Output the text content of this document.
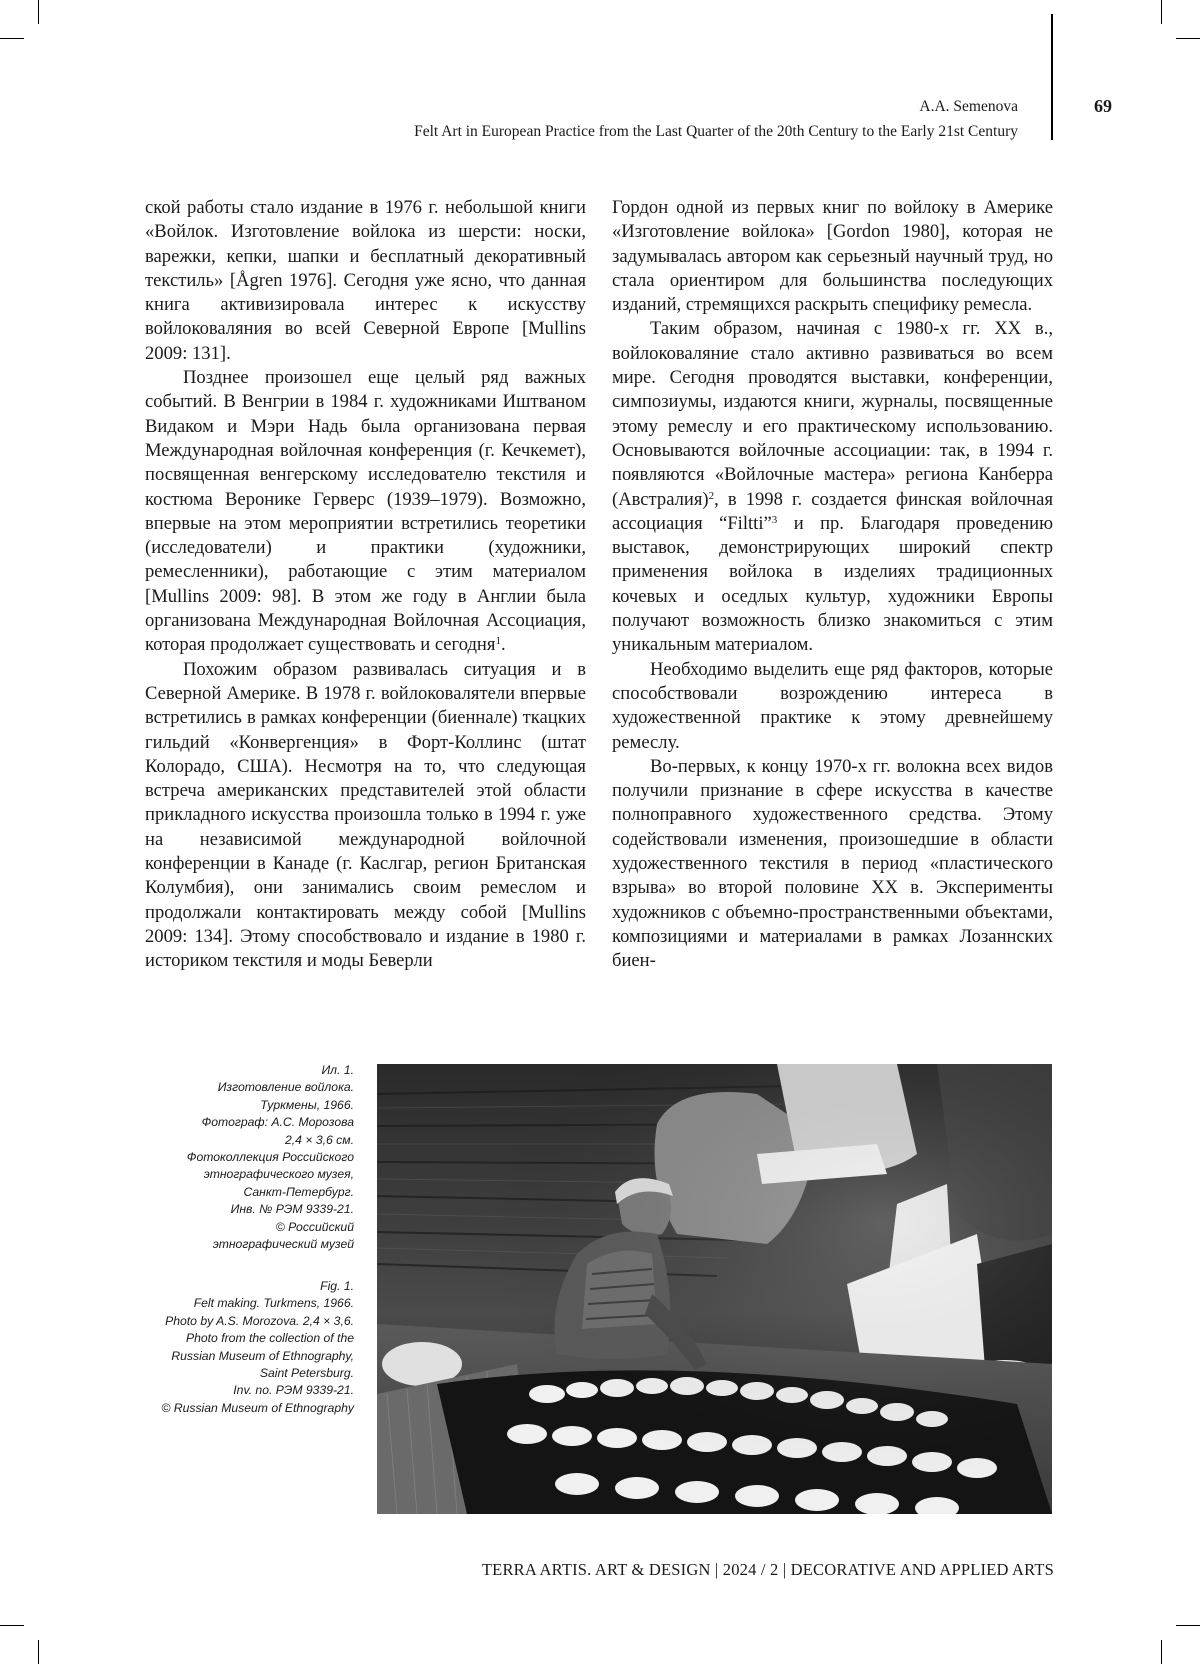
A.A. Semenova
Felt Art in European Practice from the Last Quarter of the 20th Century to the Early 21st Century
69

ской работы стало издание в 1976 г. небольшой книги «Войлок. Изготовление войлока из шерсти: носки, варежки, кепки, шапки и бесплатный декоративный текстиль» [Ågren 1976]. Сегодня уже ясно, что данная книга активизировала интерес к искусству войлоковаляния во всей Северной Европе [Mullins 2009: 131].

Позднее произошел еще целый ряд важных событий. В Венгрии в 1984 г. художниками Иштваном Видаком и Мэри Надь была организована первая Международная войлочная конференция (г. Кечкемет), посвященная венгерскому исследователю текстиля и костюма Веронике Герверс (1939–1979). Возможно, впервые на этом мероприятии встретились теоретики (исследователи) и практики (художники, ремесленники), работающие с этим материалом [Mullins 2009: 98]. В этом же году в Англии была организована Международная Войлочная Ассоциация, которая продолжает существовать и сегодня$^1$.

Похожим образом развивалась ситуация и в Северной Америке. В 1978 г. войлоковалятели впервые встретились в рамках конференции (биеннале) ткацких гильдий «Конвергенция» в Форт-Коллинс (штат Колорадо, США). Несмотря на то, что следующая встреча американских представителей этой области прикладного искусства произошла только в 1994 г. уже на независимой международной войлочной конференции в Канаде (г. Каслгар, регион Британская Колумбия), они занимались своим ремеслом и продолжали контактировать между собой [Mullins 2009: 134]. Этому способствовало и издание в 1980 г. историком текстиля и моды Беверли

Гордон одной из первых книг по войлоку в Америке «Изготовление войлока» [Gordon 1980], которая не задумывалась автором как серьезный научный труд, но стала ориентиром для большинства последующих изданий, стремящихся раскрыть специфику ремесла.

Таким образом, начиная с 1980-х гг. XX в., войлоковаляние стало активно развиваться во всем мире. Сегодня проводятся выставки, конференции, симпозиумы, издаются книги, журналы, посвященные этому ремеслу и его практическому использованию. Основываются войлочные ассоциации: так, в 1994 г. появляются «Войлочные мастера» региона Канберра (Австралия)$^2$, в 1998 г. создается финская войлочная ассоциация “Filtti”$^3$ и пр. Благодаря проведению выставок, демонстрирующих широкий спектр применения войлока в изделиях традиционных кочевых и оседлых культур, художники Европы получают возможность близко знакомиться с этим уникальным материалом.

Необходимо выделить еще ряд факторов, которые способствовали возрождению интереса в художественной практике к этому древнейшему ремеслу.

Во-первых, к концу 1970-х гг. волокна всех видов получили признание в сфере искусства в качестве полноправного художественного средства. Этому содействовали изменения, произошедшие в области художественного текстиля в период «пластического взрыва» во второй половине XX в. Эксперименты художников с объемно-пространственными объектами, композициями и материалами в рамках Лозаннских биен-

Ил. 1.
Изготовление войлока.
Туркмены, 1966.
Фотограф: А.С. Морозова
2,4 × 3,6 см.
Фотоколлекция Российского
этнографического музея,
Санкт-Петербург.
Инв. № РЭМ 9339-21.
© Российский
этнографический музей
Fig. 1.
Felt making. Turkmens, 1966.
Photo by A.S. Morozova. 2,4 × 3,6.
Photo from the collection of the
Russian Museum of Ethnography,
Saint Petersburg.
Inv. no. РЭМ 9339-21.
© Russian Museum of Ethnography
TERRA ARTIS. ART & DESIGN | 2024 / 2 | DECORATIVE AND APPLIED ARTS
